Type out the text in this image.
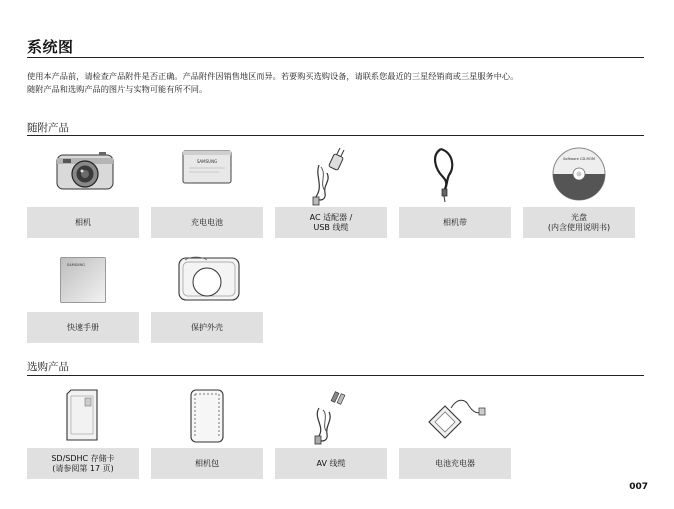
系统图
使用本产品前，请检查产品附件是否正确。产品附件因销售地区而异。若要购买选购设备，请联系您最近的三星经销商或三星服务中心。
随附产品和选购产品的图片与实物可能有所不同。
随附产品
相机
SAMSUNG
充电电池
AC 适配器 /
USB 线缆
相机带
Software CD-ROM
光盘
(内含使用说明书)
SAMSUNG
快速手册	保护外壳
选购产品
SD/SDHC 存储卡
(请参阅第 17 页)
相机包	AV 线缆	电池充电器
007
